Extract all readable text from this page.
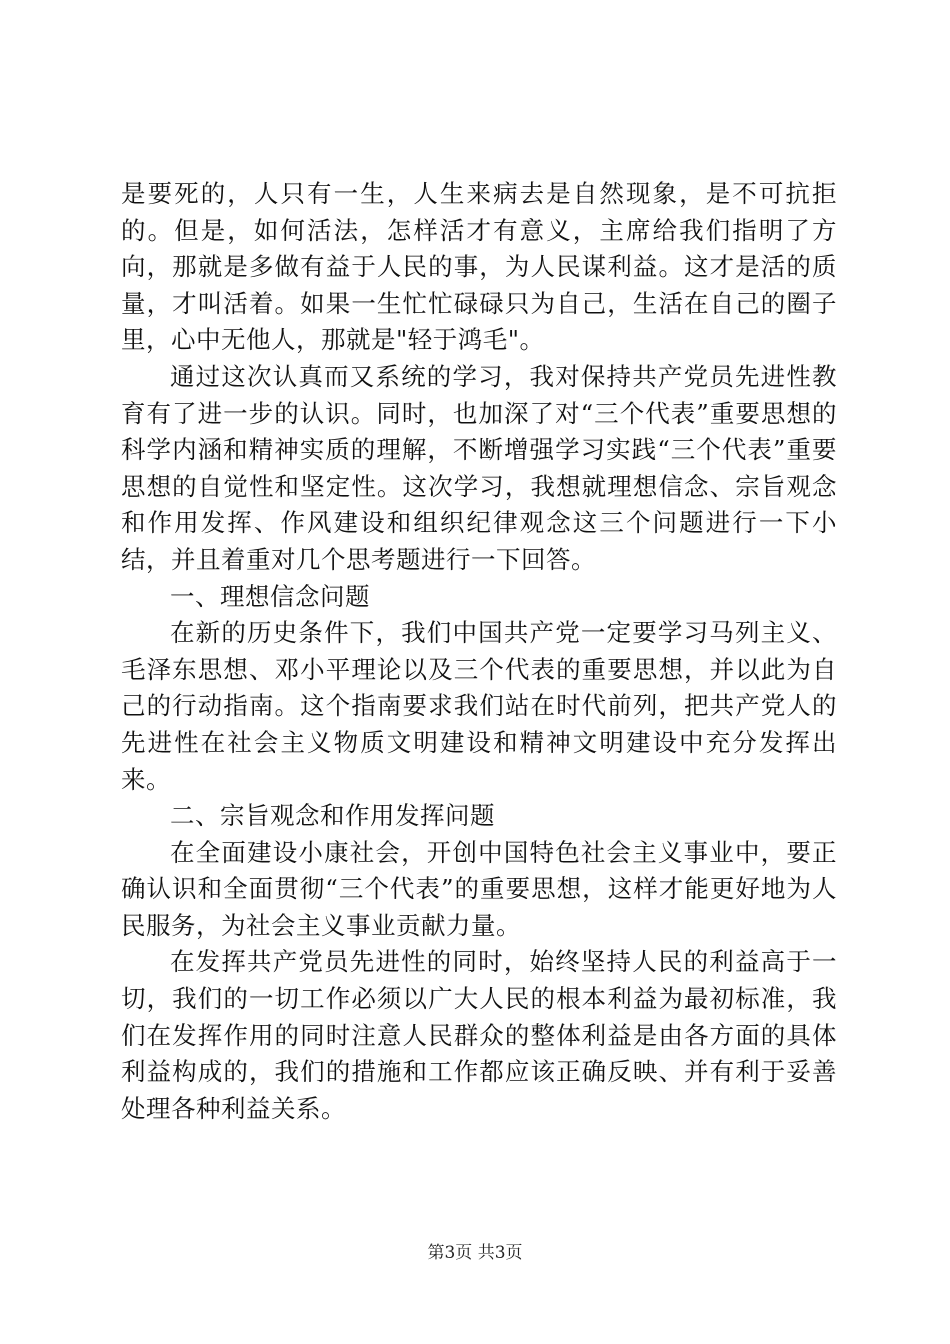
是要死的，人只有一生，人生来病去是自然现象，是不可抗拒的。但是，如何活法，怎样活才有意义，主席给我们指明了方向，那就是多做有益于人民的事，为人民谋利益。这才是活的质量，才叫活着。如果一生忙忙碌碌只为自己，生活在自己的圈子里，心中无他人，那就是"轻于鸿毛"。

通过这次认真而又系统的学习，我对保持共产党员先进性教育有了进一步的认识。同时，也加深了对“三个代表”重要思想的科学内涵和精神实质的理解，不断增强学习实践“三个代表”重要思想的自觉性和坚定性。这次学习，我想就理想信念、宗旨观念和作用发挥、作风建设和组织纪律观念这三个问题进行一下小结，并且着重对几个思考题进行一下回答。

一、理想信念问题

在新的历史条件下，我们中国共产党一定要学习马列主义、毛泽东思想、邓小平理论以及三个代表的重要思想，并以此为自己的行动指南。这个指南要求我们站在时代前列，把共产党人的先进性在社会主义物质文明建设和精神文明建设中充分发挥出来。

二、宗旨观念和作用发挥问题

在全面建设小康社会，开创中国特色社会主义事业中，要正确认识和全面贯彻“三个代表”的重要思想，这样才能更好地为人民服务，为社会主义事业贡献力量。

在发挥共产党员先进性的同时，始终坚持人民的利益高于一切，我们的一切工作必须以广大人民的根本利益为最初标准，我们在发挥作用的同时注意人民群众的整体利益是由各方面的具体利益构成的，我们的措施和工作都应该正确反映、并有利于妥善处理各种利益关系。

第3页 共3页
